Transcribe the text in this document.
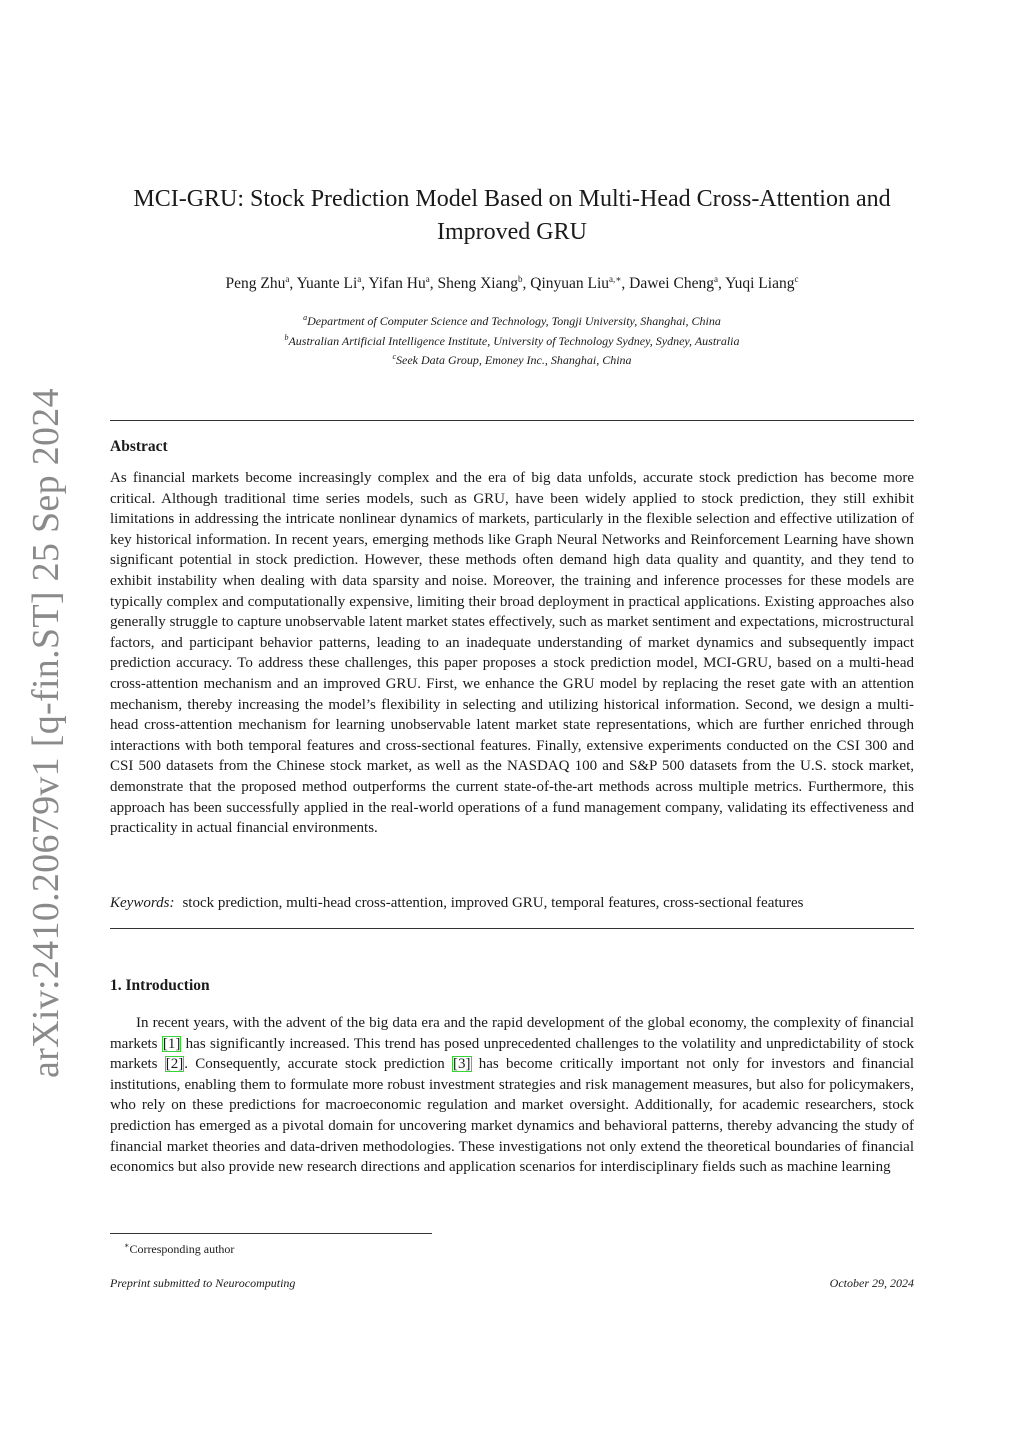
arXiv:2410.20679v1 [q-fin.ST] 25 Sep 2024
MCI-GRU: Stock Prediction Model Based on Multi-Head Cross-Attention and
Improved GRU
Peng Zhu$^a$, Yuante Li$^a$, Yifan Hu$^a$, Sheng Xiang$^b$, Qinyuan Liu$^{a,∗}$, Dawei Cheng$^a$, Yuqi Liang$^c$
$^a$Department of Computer Science and Technology, Tongji University, Shanghai, China
$^b$Australian Artificial Intelligence Institute, University of Technology Sydney, Sydney, Australia
$^c$Seek Data Group, Emoney Inc., Shanghai, China
Abstract
As financial markets become increasingly complex and the era of big data unfolds, accurate stock prediction has become more critical. Although traditional time series models, such as GRU, have been widely applied to stock prediction, they still exhibit limitations in addressing the intricate nonlinear dynamics of markets, particularly in the flexible selection and effective utilization of key historical information. In recent years, emerging methods like Graph Neural Networks and Reinforcement Learning have shown significant potential in stock prediction. However, these methods often demand high data quality and quantity, and they tend to exhibit instability when dealing with data sparsity and noise. Moreover, the training and inference processes for these models are typically complex and computationally expensive, limiting their broad deployment in practical applications. Existing approaches also generally struggle to capture unobservable latent market states effectively, such as market sentiment and expectations, microstructural factors, and participant behavior patterns, leading to an inadequate understanding of market dynamics and subsequently impact prediction accuracy. To address these challenges, this paper proposes a stock prediction model, MCI-GRU, based on a multi-head cross-attention mechanism and an improved GRU. First, we enhance the GRU model by replacing the reset gate with an attention mechanism, thereby increasing the model’s flexibility in selecting and utilizing historical information. Second, we design a multi-head cross-attention mechanism for learning unobservable latent market state representations, which are further enriched through interactions with both temporal features and cross-sectional features. Finally, extensive experiments conducted on the CSI 300 and CSI 500 datasets from the Chinese stock market, as well as the NASDAQ 100 and S&P 500 datasets from the U.S. stock market, demonstrate that the proposed method outperforms the current state-of-the-art methods across multiple metrics. Furthermore, this approach has been successfully applied in the real-world operations of a fund management company, validating its effectiveness and practicality in actual financial environments.
Keywords: stock prediction, multi-head cross-attention, improved GRU, temporal features, cross-sectional features
1. Introduction
In recent years, with the advent of the big data era and the rapid development of the global economy, the complexity of financial markets [1] has significantly increased. This trend has posed unprecedented challenges to the volatility and unpredictability of stock markets [2]. Consequently, accurate stock prediction [3] has become critically important not only for investors and financial institutions, enabling them to formulate more robust investment strategies and risk management measures, but also for policymakers, who rely on these predictions for macroeconomic regulation and market oversight. Additionally, for academic researchers, stock prediction has emerged as a pivotal domain for uncovering market dynamics and behavioral patterns, thereby advancing the study of financial market theories and data-driven methodologies. These investigations not only extend the theoretical boundaries of financial economics but also provide new research directions and application scenarios for interdisciplinary fields such as machine learning
∗Corresponding author
Preprint submitted to Neurocomputing	October 29, 2024
